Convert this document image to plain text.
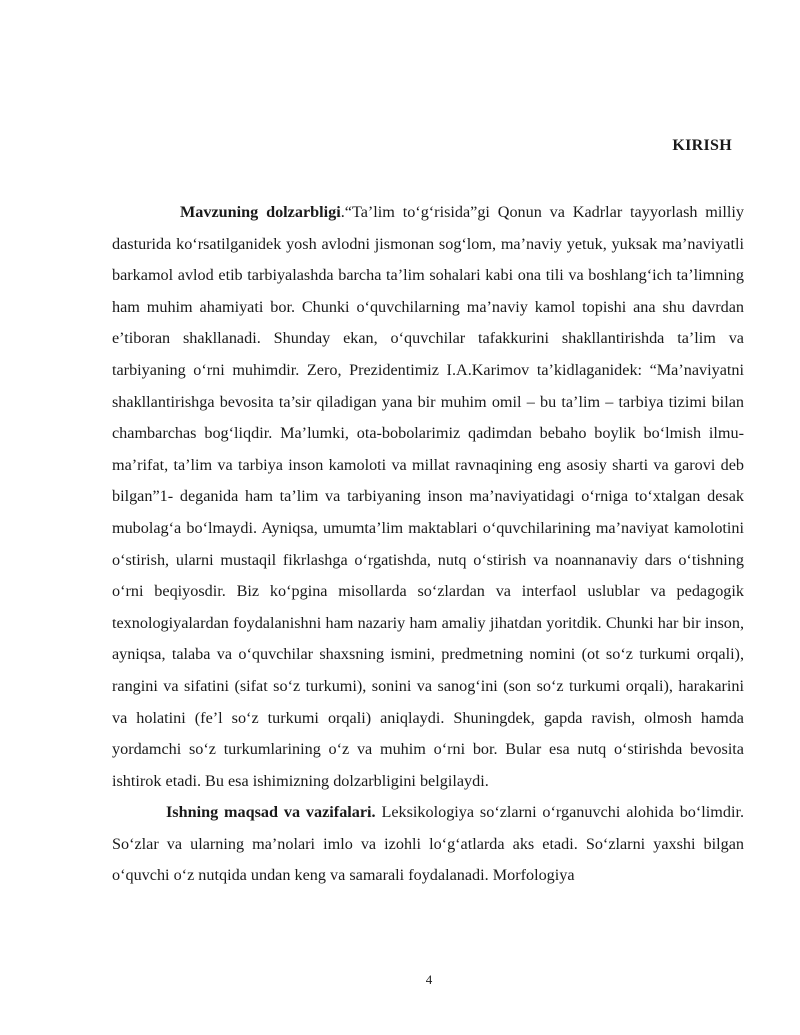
KIRISH

Mavzuning dolzarbligi.“Ta’lim to‘g‘risida”gi Qonun va Kadrlar tayyorlash milliy dasturida ko‘rsatilganidek yosh avlodni jismonan sog‘lom, ma’naviy yetuk, yuksak ma’naviyatli barkamol avlod etib tarbiyalashda barcha ta’lim sohalari kabi ona tili va boshlang‘ich ta’limning ham muhim ahamiyati bor. Chunki o‘quvchilarning ma’naviy kamol topishi ana shu davrdan e’tiboran shakllanadi. Shunday ekan, o‘quvchilar tafakkurini shakllantirishda ta’lim va tarbiyaning o‘rni muhimdir. Zero, Prezidentimiz I.A.Karimov ta’kidlaganidek: “Ma’naviyatni shakllantirishga bevosita ta’sir qiladigan yana bir muhim omil – bu ta’lim – tarbiya tizimi bilan chambarchas bog‘liqdir. Ma’lumki, ota-bobolarimiz qadimdan bebaho boylik bo‘lmish ilmu-ma’rifat, ta’lim va tarbiya inson kamoloti va millat ravnaqining eng asosiy sharti va garovi deb bilgan”1- deganida ham ta’lim va tarbiyaning inson ma’naviyatidagi o‘rniga to‘xtalgan desak mubolag‘a bo‘lmaydi. Ayniqsa, umumta’lim maktablari o‘quvchilarining ma’naviyat kamolotini o‘stirish, ularni mustaqil fikrlashga o‘rgatishda, nutq o‘stirish va noannanaviy dars o‘tishning o‘rni beqiyosdir. Biz ko‘pgina misollarda so‘zlardan va interfaol uslublar va pedagogik texnologiyalardan foydalanishni ham nazariy ham amaliy jihatdan yoritdik. Chunki har bir inson, ayniqsa, talaba va o‘quvchilar shaxsning ismini, predmetning nomini (ot so‘z turkumi orqali), rangini va sifatini (sifat so‘z turkumi), sonini va sanog‘ini (son so‘z turkumi orqali), harakarini va holatini (fe’l so‘z turkumi orqali) aniqlaydi. Shuningdek, gapda ravish, olmosh hamda yordamchi so‘z turkumlarining o‘z va muhim o‘rni bor. Bular esa nutq o‘stirishda bevosita ishtirok etadi. Bu esa ishimizning dolzarbligini belgilaydi.

Ishning maqsad va vazifalari. Leksikologiya so‘zlarni o‘rganuvchi alohida bo‘limdir. So‘zlar va ularning ma’nolari imlo va izohli lo‘g‘atlarda aks etadi. So‘zlarni yaxshi bilgan o‘quvchi o‘z nutqida undan keng va samarali foydalanadi. Morfologiya

4
